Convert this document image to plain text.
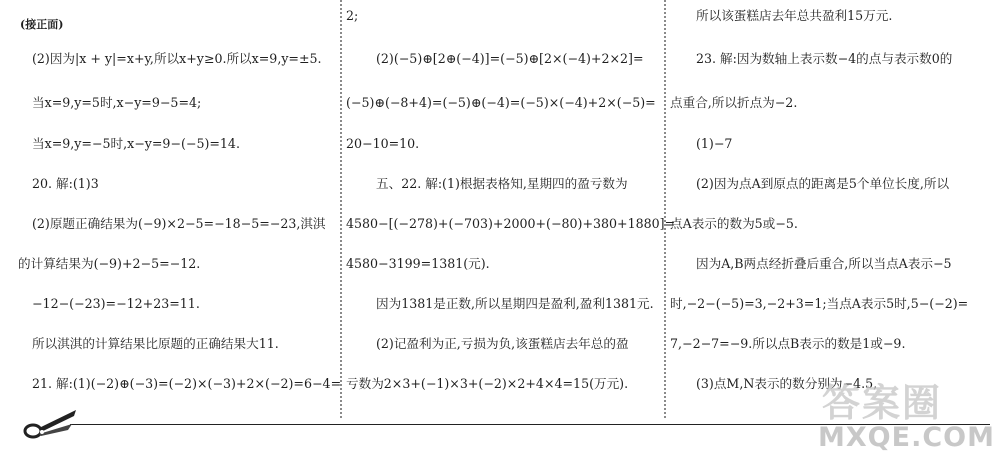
(接正面)
(2)因为|x + y|=x+y,所以x+y≥0.所以x=9,y=±5.
当x=9,y=5时,x−y=9−5=4;
当x=9,y=−5时,x−y=9−(−5)=14.
20. 解:(1)3
(2)原题正确结果为(−9)×2−5=−18−5=−23,淇淇
的计算结果为(−9)+2−5=−12.
−12−(−23)=−12+23=11.
所以淇淇的计算结果比原题的正确结果大11.
21. 解:(1)(−2)⊕(−3)=(−2)×(−3)+2×(−2)=6−4=
2;
(2)(−5)⊕[2⊕(−4)]=(−5)⊕[2×(−4)+2×2]=
(−5)⊕(−8+4)=(−5)⊕(−4)=(−5)×(−4)+2×(−5)=
20−10=10.
五、22. 解:(1)根据表格知,星期四的盈亏数为
4580−[(−278)+(−703)+2000+(−80)+380+1880]=
4580−3199=1381(元).
因为1381是正数,所以星期四是盈利,盈利1381元.
(2)记盈利为正,亏损为负,该蛋糕店去年总的盈
亏数为2×3+(−1)×3+(−2)×2+4×4=15(万元).
所以该蛋糕店去年总共盈利15万元.
23. 解:因为数轴上表示数−4的点与表示数0的
点重合,所以折点为−2.
(1)−7
(2)因为点A到原点的距离是5个单位长度,所以
点A表示的数为5或−5.
因为A,B两点经折叠后重合,所以当点A表示−5
时,−2−(−5)=3,−2+3=1;当点A表示5时,5−(−2)=
7,−2−7=−9.所以点B表示的数是1或−9.
(3)点M,N表示的数分别为−4.5,
答案圈
MXQE.COM
